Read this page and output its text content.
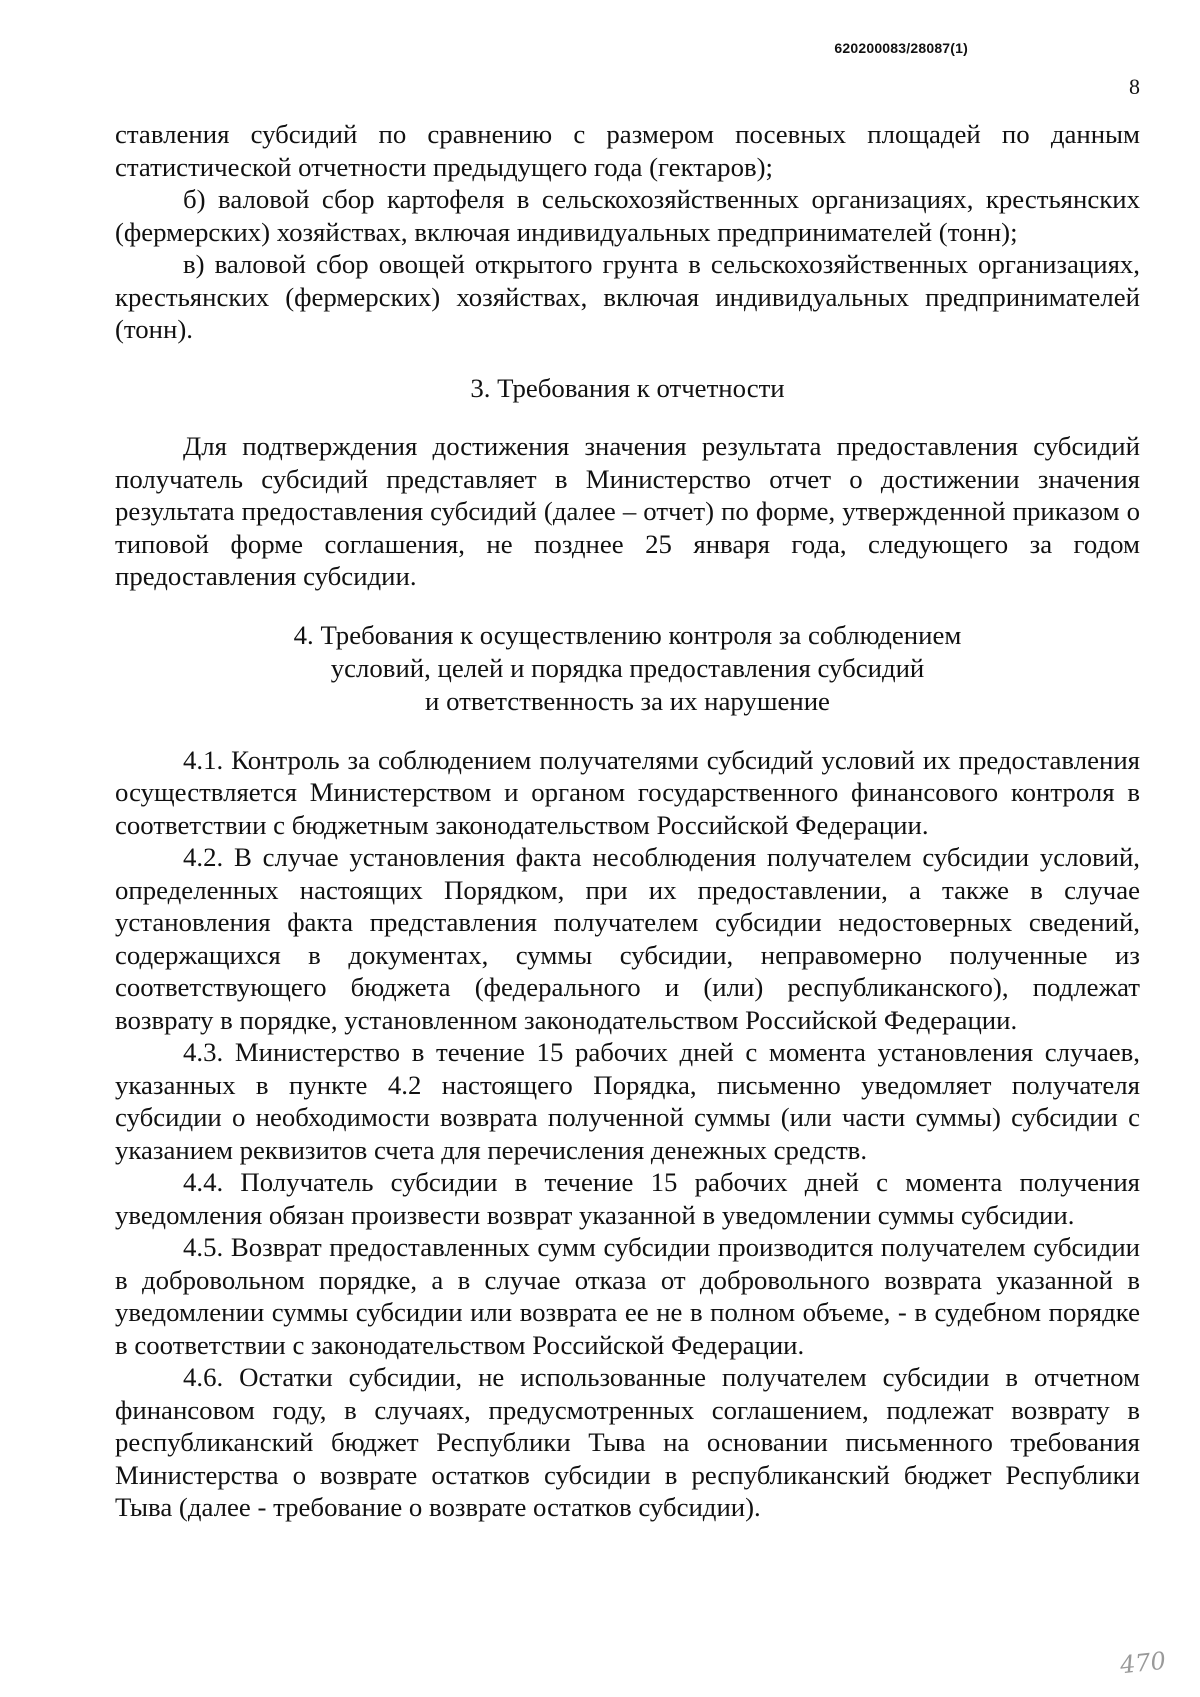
620200083/28087(1)
8

ставления субсидий по сравнению с размером посевных площадей по данным статистической отчетности предыдущего года (гектаров);

б) валовой сбор картофеля в сельскохозяйственных организациях, крестьянских (фермерских) хозяйствах, включая индивидуальных предпринимателей (тонн);

в) валовой сбор овощей открытого грунта в сельскохозяйственных организациях, крестьянских (фермерских) хозяйствах, включая индивидуальных предпринимателей (тонн).

3. Требования к отчетности

Для подтверждения достижения значения результата предоставления субсидий получатель субсидий представляет в Министерство отчет о достижении значения результата предоставления субсидий (далее – отчет) по форме, утвержденной приказом о типовой форме соглашения, не позднее 25 января года, следующего за годом предоставления субсидии.

4. Требования к осуществлению контроля за соблюдением
условий, целей и порядка предоставления субсидий
и ответственность за их нарушение

4.1. Контроль за соблюдением получателями субсидий условий их предоставления осуществляется Министерством и органом государственного финансового контроля в соответствии с бюджетным законодательством Российской Федерации.

4.2. В случае установления факта несоблюдения получателем субсидии условий, определенных настоящих Порядком, при их предоставлении, а также в случае установления факта представления получателем субсидии недостоверных сведений, содержащихся в документах, суммы субсидии, неправомерно полученные из соответствующего бюджета (федерального и (или) республиканского), подлежат возврату в порядке, установленном законодательством Российской Федерации.

4.3. Министерство в течение 15 рабочих дней с момента установления случаев, указанных в пункте 4.2 настоящего Порядка, письменно уведомляет получателя субсидии о необходимости возврата полученной суммы (или части суммы) субсидии с указанием реквизитов счета для перечисления денежных средств.

4.4. Получатель субсидии в течение 15 рабочих дней с момента получения уведомления обязан произвести возврат указанной в уведомлении суммы субсидии.

4.5. Возврат предоставленных сумм субсидии производится получателем субсидии в добровольном порядке, а в случае отказа от добровольного возврата указанной в уведомлении суммы субсидии или возврата ее не в полном объеме, - в судебном порядке в соответствии с законодательством Российской Федерации.

4.6. Остатки субсидии, не использованные получателем субсидии в отчетном финансовом году, в случаях, предусмотренных соглашением, подлежат возврату в республиканский бюджет Республики Тыва на основании письменного требования Министерства о возврате остатков субсидии в республиканский бюджет Республики Тыва (далее - требование о возврате остатков субсидии).

470
